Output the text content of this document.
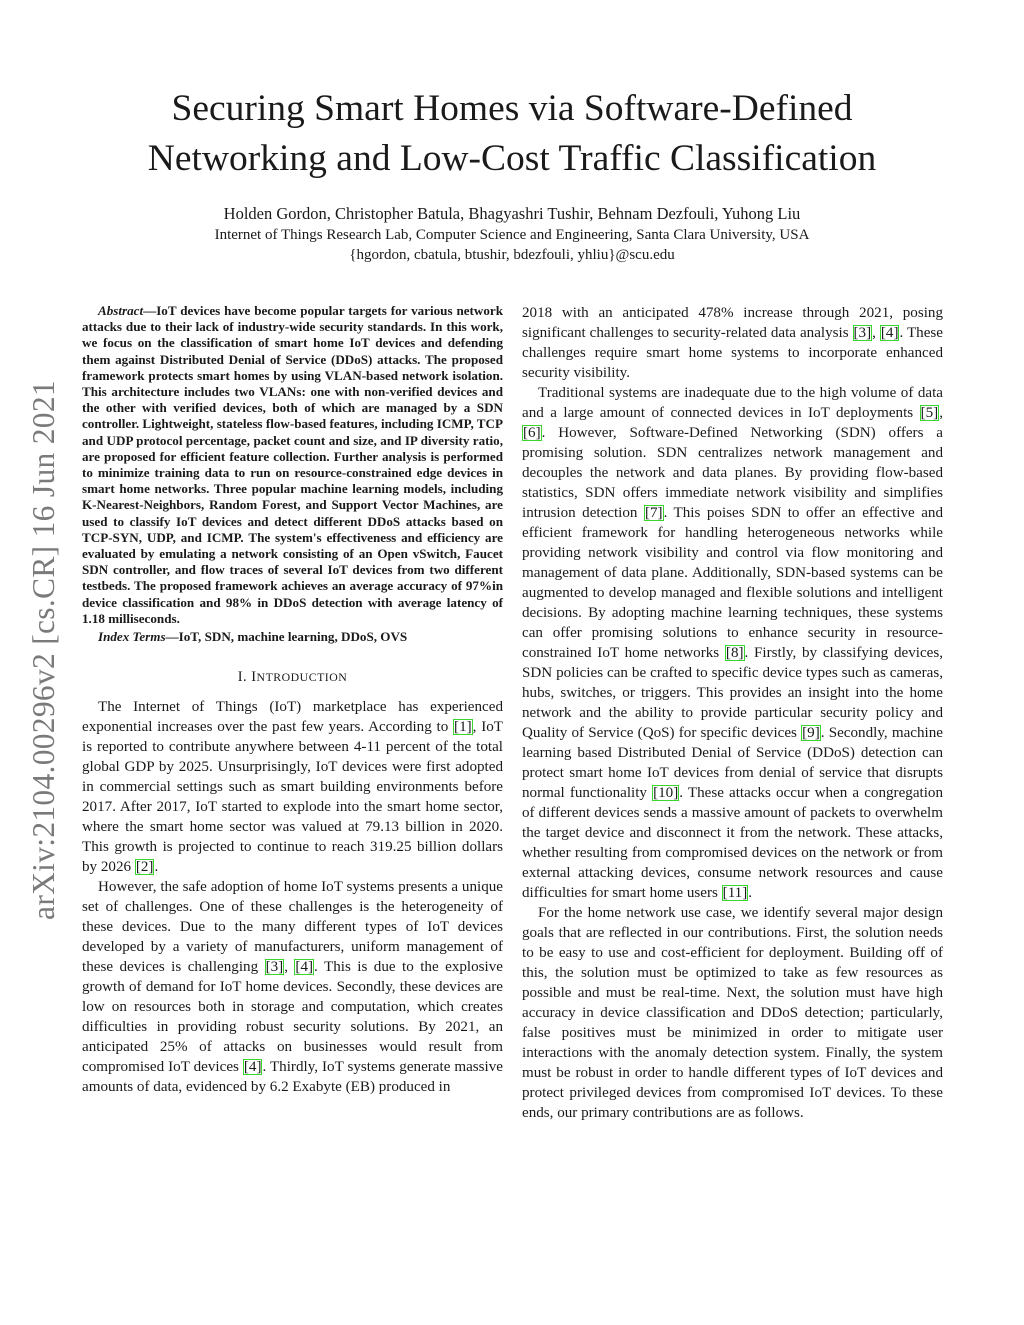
arXiv:2104.00296v2 [cs.CR] 16 Jun 2021
Securing Smart Homes via Software-Defined
Networking and Low-Cost Traffic Classification
Holden Gordon, Christopher Batula, Bhagyashri Tushir, Behnam Dezfouli, Yuhong Liu
Internet of Things Research Lab, Computer Science and Engineering, Santa Clara University, USA
{hgordon, cbatula, btushir, bdezfouli, yhliu}@scu.edu

Abstract—IoT devices have become popular targets for various network attacks due to their lack of industry-wide security standards. In this work, we focus on the classification of smart home IoT devices and defending them against Distributed Denial of Service (DDoS) attacks. The proposed framework protects smart homes by using VLAN-based network isolation. This architecture includes two VLANs: one with non-verified devices and the other with verified devices, both of which are managed by a SDN controller. Lightweight, stateless flow-based features, including ICMP, TCP and UDP protocol percentage, packet count and size, and IP diversity ratio, are proposed for efficient feature collection. Further analysis is performed to minimize training data to run on resource-constrained edge devices in smart home networks. Three popular machine learning models, including K-Nearest-Neighbors, Random Forest, and Support Vector Machines, are used to classify IoT devices and detect different DDoS attacks based on TCP-SYN, UDP, and ICMP. The system's effectiveness and efficiency are evaluated by emulating a network consisting of an Open vSwitch, Faucet SDN controller, and flow traces of several IoT devices from two different testbeds. The proposed framework achieves an average accuracy of 97%in device classification and 98% in DDoS detection with average latency of 1.18 milliseconds.

Index Terms—IoT, SDN, machine learning, DDoS, OVS

I. INTRODUCTION

The Internet of Things (IoT) marketplace has experienced exponential increases over the past few years. According to [1], IoT is reported to contribute anywhere between 4-11 percent of the total global GDP by 2025. Unsurprisingly, IoT devices were first adopted in commercial settings such as smart building environments before 2017. After 2017, IoT started to explode into the smart home sector, where the smart home sector was valued at 79.13 billion in 2020. This growth is projected to continue to reach 319.25 billion dollars by 2026 [2].

However, the safe adoption of home IoT systems presents a unique set of challenges. One of these challenges is the heterogeneity of these devices. Due to the many different types of IoT devices developed by a variety of manufacturers, uniform management of these devices is challenging [3], [4]. This is due to the explosive growth of demand for IoT home devices. Secondly, these devices are low on resources both in storage and computation, which creates difficulties in providing robust security solutions. By 2021, an anticipated 25% of attacks on businesses would result from compromised IoT devices [4]. Thirdly, IoT systems generate massive amounts of data, evidenced by 6.2 Exabyte (EB) produced in

2018 with an anticipated 478% increase through 2021, posing significant challenges to security-related data analysis [3], [4]. These challenges require smart home systems to incorporate enhanced security visibility.

Traditional systems are inadequate due to the high volume of data and a large amount of connected devices in IoT deployments [5], [6]. However, Software-Defined Networking (SDN) offers a promising solution. SDN centralizes network management and decouples the network and data planes. By providing flow-based statistics, SDN offers immediate network visibility and simplifies intrusion detection [7]. This poises SDN to offer an effective and efficient framework for handling heterogeneous networks while providing network visibility and control via flow monitoring and management of data plane. Additionally, SDN-based systems can be augmented to develop managed and flexible solutions and intelligent decisions. By adopting machine learning techniques, these systems can offer promising solutions to enhance security in resource-constrained IoT home networks [8]. Firstly, by classifying devices, SDN policies can be crafted to specific device types such as cameras, hubs, switches, or triggers. This provides an insight into the home network and the ability to provide particular security policy and Quality of Service (QoS) for specific devices [9]. Secondly, machine learning based Distributed Denial of Service (DDoS) detection can protect smart home IoT devices from denial of service that disrupts normal functionality [10]. These attacks occur when a congregation of different devices sends a massive amount of packets to overwhelm the target device and disconnect it from the network. These attacks, whether resulting from compromised devices on the network or from external attacking devices, consume network resources and cause difficulties for smart home users [11].

For the home network use case, we identify several major design goals that are reflected in our contributions. First, the solution needs to be easy to use and cost-efficient for deployment. Building off of this, the solution must be optimized to take as few resources as possible and must be real-time. Next, the solution must have high accuracy in device classification and DDoS detection; particularly, false positives must be minimized in order to mitigate user interactions with the anomaly detection system. Finally, the system must be robust in order to handle different types of IoT devices and protect privileged devices from compromised IoT devices. To these ends, our primary contributions are as follows.
